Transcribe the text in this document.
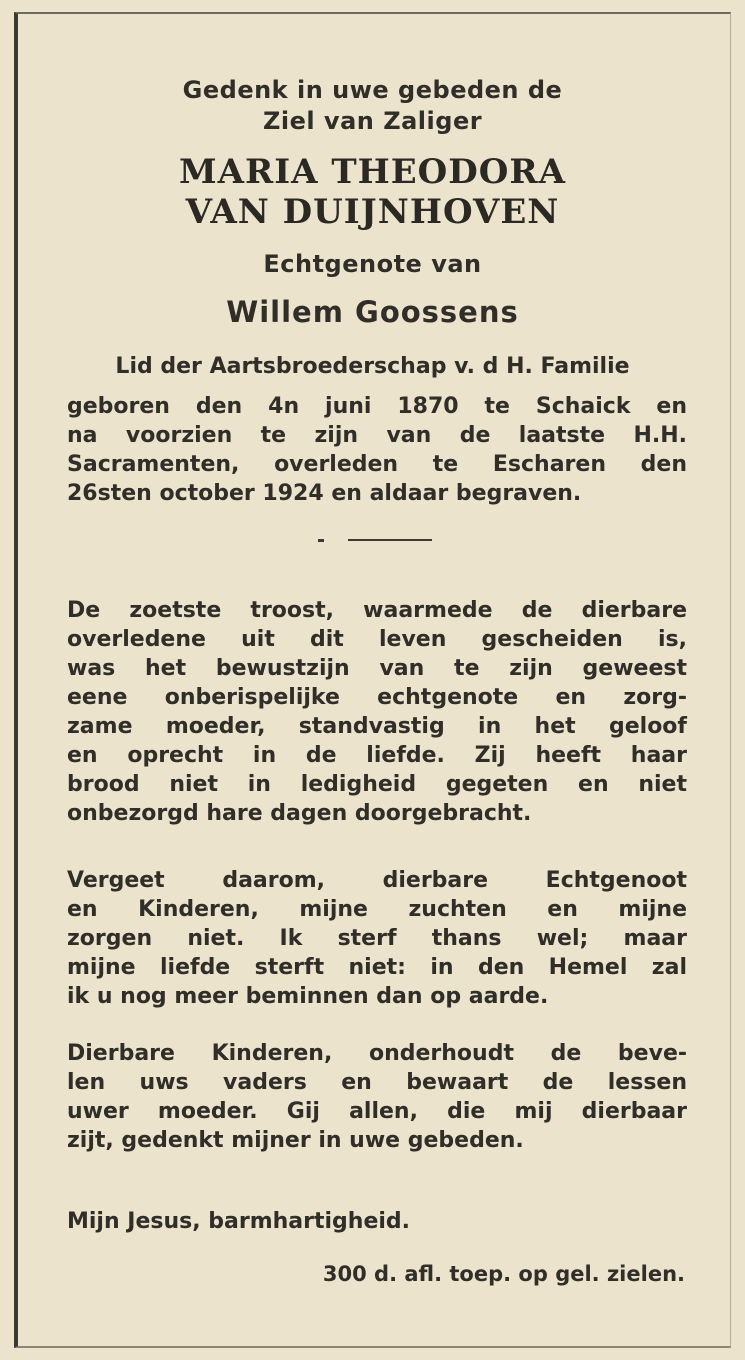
Gedenk in uwe gebeden de
Ziel van Zaliger
MARIA THEODORA
VAN DUIJNHOVEN
Echtgenote van
Willem Goossens
Lid der Aartsbroederschap v. d H. Familie
geboren den 4n juni 1870 te Schaick en
na voorzien te zijn van de laatste H.H.
Sacramenten, overleden te Escharen den
26sten october 1924 en aldaar begraven.
De zoetste troost, waarmede de dierbare
overledene uit dit leven gescheiden is,
was het bewustzijn van te zijn geweest
eene onberispelijke echtgenote en zorg-
zame moeder, standvastig in het geloof
en oprecht in de liefde. Zij heeft haar
brood niet in ledigheid gegeten en niet
onbezorgd hare dagen doorgebracht.
Vergeet daarom, dierbare Echtgenoot
en Kinderen, mijne zuchten en mijne
zorgen niet. Ik sterf thans wel; maar
mijne liefde sterft niet: in den Hemel zal
ik u nog meer beminnen dan op aarde.
Dierbare Kinderen, onderhoudt de beve-
len uws vaders en bewaart de lessen
uwer moeder. Gij allen, die mij dierbaar
zijt, gedenkt mijner in uwe gebeden.
Mijn Jesus, barmhartigheid.
300 d. afl. toep. op gel. zielen.
